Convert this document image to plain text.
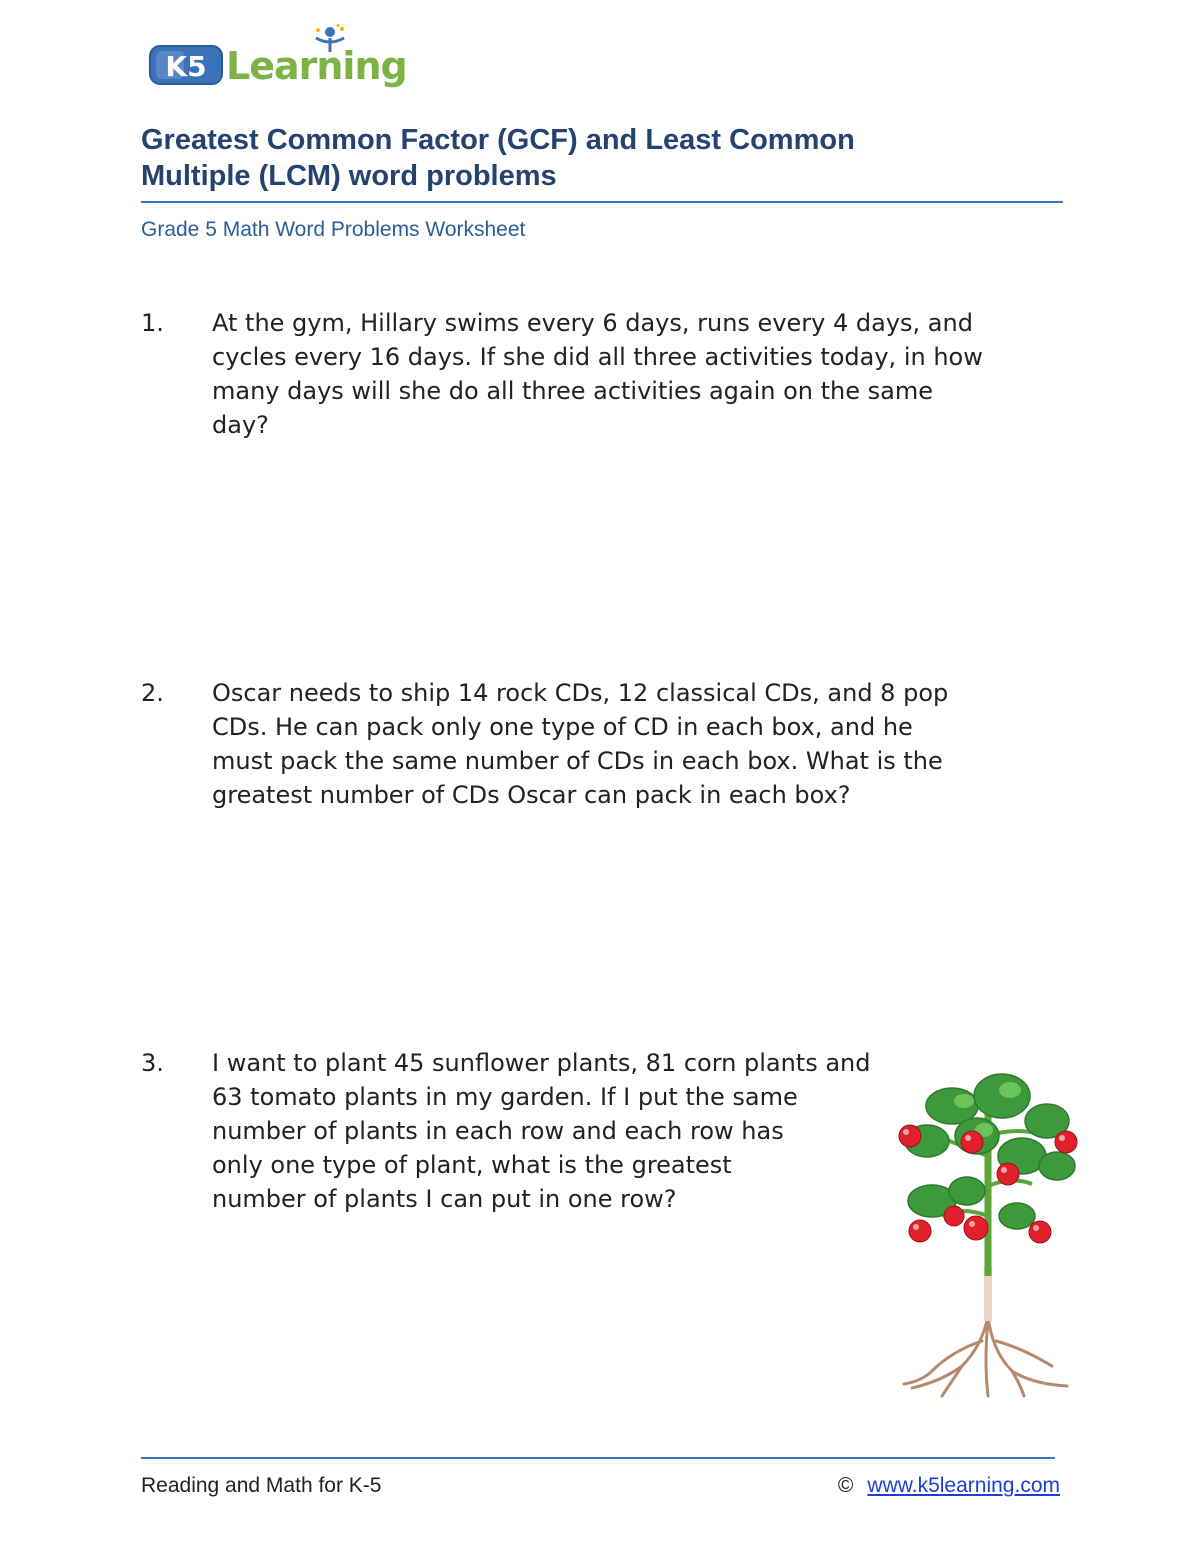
K5 Learning
Greatest Common Factor (GCF) and Least Common
Multiple (LCM) word problems
Grade 5 Math Word Problems Worksheet
1.	At the gym, Hillary swims every 6 days, runs every 4 days, and
cycles every 16 days. If she did all three activities today, in how
many days will she do all three activities again on the same
day?
2.	Oscar needs to ship 14 rock CDs, 12 classical CDs, and 8 pop
CDs. He can pack only one type of CD in each box, and he
must pack the same number of CDs in each box. What is the
greatest number of CDs Oscar can pack in each box?
3.	I want to plant 45 sunflower plants, 81 corn plants and
63 tomato plants in my garden. If I put the same
number of plants in each row and each row has
only one type of plant, what is the greatest
number of plants I can put in one row?
Reading and Math for K-5	© www.k5learning.com
